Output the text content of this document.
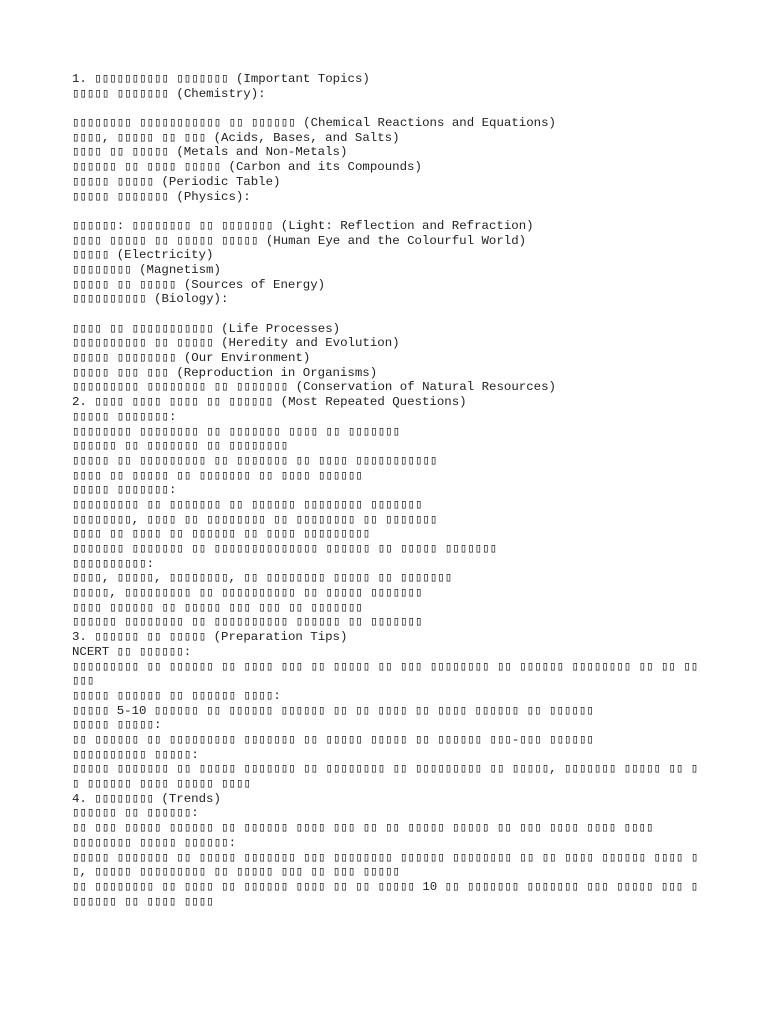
1. ▯▯▯▯▯▯▯▯▯▯ ▯▯▯▯▯▯▯ (Important Topics)
▯▯▯▯▯ ▯▯▯▯▯▯▯ (Chemistry):
▯▯▯▯▯▯▯▯ ▯▯▯▯▯▯▯▯▯▯▯ ▯▯ ▯▯▯▯▯▯ (Chemical Reactions and Equations)
▯▯▯▯, ▯▯▯▯▯ ▯▯ ▯▯▯ (Acids, Bases, and Salts)
▯▯▯▯ ▯▯ ▯▯▯▯▯ (Metals and Non-Metals)
▯▯▯▯▯▯ ▯▯ ▯▯▯▯ ▯▯▯▯▯ (Carbon and its Compounds)
▯▯▯▯▯ ▯▯▯▯▯ (Periodic Table)
▯▯▯▯▯ ▯▯▯▯▯▯▯ (Physics):
▯▯▯▯▯▯: ▯▯▯▯▯▯▯▯ ▯▯ ▯▯▯▯▯▯▯ (Light: Reflection and Refraction)
▯▯▯▯ ▯▯▯▯▯ ▯▯ ▯▯▯▯▯ ▯▯▯▯▯ (Human Eye and the Colourful World)
▯▯▯▯▯ (Electricity)
▯▯▯▯▯▯▯▯ (Magnetism)
▯▯▯▯▯ ▯▯ ▯▯▯▯▯ (Sources of Energy)
▯▯▯▯▯▯▯▯▯▯ (Biology):
▯▯▯▯ ▯▯ ▯▯▯▯▯▯▯▯▯▯▯ (Life Processes)
▯▯▯▯▯▯▯▯▯▯ ▯▯ ▯▯▯▯▯ (Heredity and Evolution)
▯▯▯▯▯ ▯▯▯▯▯▯▯▯ (Our Environment)
▯▯▯▯▯ ▯▯▯ ▯▯▯ (Reproduction in Organisms)
▯▯▯▯▯▯▯▯▯ ▯▯▯▯▯▯▯▯ ▯▯ ▯▯▯▯▯▯▯ (Conservation of Natural Resources)
2. ▯▯▯▯ ▯▯▯▯ ▯▯▯▯ ▯▯ ▯▯▯▯▯▯ (Most Repeated Questions)
▯▯▯▯▯ ▯▯▯▯▯▯▯:
▯▯▯▯▯▯▯▯ ▯▯▯▯▯▯▯▯ ▯▯ ▯▯▯▯▯▯▯ ▯▯▯▯ ▯▯ ▯▯▯▯▯▯▯
▯▯▯▯▯▯ ▯▯ ▯▯▯▯▯▯▯ ▯▯ ▯▯▯▯▯▯▯▯
▯▯▯▯▯ ▯▯ ▯▯▯▯▯▯▯▯▯ ▯▯ ▯▯▯▯▯▯▯ ▯▯ ▯▯▯▯ ▯▯▯▯▯▯▯▯▯▯▯
▯▯▯▯ ▯▯ ▯▯▯▯▯ ▯▯ ▯▯▯▯▯▯▯ ▯▯ ▯▯▯▯ ▯▯▯▯▯▯
▯▯▯▯▯ ▯▯▯▯▯▯▯:
▯▯▯▯▯▯▯▯▯ ▯▯ ▯▯▯▯▯▯▯ ▯▯ ▯▯▯▯▯▯ ▯▯▯▯▯▯▯▯ ▯▯▯▯▯▯▯
▯▯▯▯▯▯▯▯, ▯▯▯▯ ▯▯ ▯▯▯▯▯▯▯▯ ▯▯ ▯▯▯▯▯▯▯▯ ▯▯ ▯▯▯▯▯▯▯
▯▯▯▯ ▯▯ ▯▯▯▯ ▯▯ ▯▯▯▯▯▯ ▯▯ ▯▯▯▯ ▯▯▯▯▯▯▯▯▯
▯▯▯▯▯▯▯ ▯▯▯▯▯▯▯ ▯▯ ▯▯▯▯▯▯▯▯▯▯▯▯▯▯ ▯▯▯▯▯▯ ▯▯ ▯▯▯▯▯ ▯▯▯▯▯▯▯
▯▯▯▯▯▯▯▯▯▯:
▯▯▯▯, ▯▯▯▯▯, ▯▯▯▯▯▯▯▯, ▯▯ ▯▯▯▯▯▯▯▯ ▯▯▯▯▯ ▯▯ ▯▯▯▯▯▯▯
▯▯▯▯▯, ▯▯▯▯▯▯▯▯▯ ▯▯ ▯▯▯▯▯▯▯▯▯▯ ▯▯ ▯▯▯▯▯ ▯▯▯▯▯▯▯
▯▯▯▯ ▯▯▯▯▯▯ ▯▯ ▯▯▯▯▯ ▯▯▯ ▯▯▯ ▯▯ ▯▯▯▯▯▯▯
▯▯▯▯▯▯ ▯▯▯▯▯▯▯▯ ▯▯ ▯▯▯▯▯▯▯▯▯▯ ▯▯▯▯▯▯ ▯▯ ▯▯▯▯▯▯▯
3. ▯▯▯▯▯▯ ▯▯ ▯▯▯▯▯ (Preparation Tips)
NCERT ▯▯ ▯▯▯▯▯▯:
▯▯▯▯▯▯▯▯▯ ▯▯ ▯▯▯▯▯▯ ▯▯ ▯▯▯▯ ▯▯▯ ▯▯ ▯▯▯▯▯ ▯▯ ▯▯▯ ▯▯▯▯▯▯▯▯ ▯▯ ▯▯▯▯▯▯ ▯▯▯▯▯▯▯▯ ▯▯ ▯▯ ▯▯▯▯▯
▯▯▯▯▯ ▯▯▯▯▯▯ ▯▯ ▯▯▯▯▯▯ ▯▯▯▯:
▯▯▯▯▯ 5-10 ▯▯▯▯▯▯ ▯▯ ▯▯▯▯▯▯ ▯▯▯▯▯▯ ▯▯ ▯▯ ▯▯▯▯ ▯▯ ▯▯▯▯ ▯▯▯▯▯▯ ▯▯ ▯▯▯▯▯▯
▯▯▯▯▯ ▯▯▯▯▯:
▯▯ ▯▯▯▯▯▯ ▯▯ ▯▯▯▯▯▯▯▯▯ ▯▯▯▯▯▯▯ ▯▯ ▯▯▯▯▯ ▯▯▯▯▯ ▯▯ ▯▯▯▯▯▯ ▯▯▯-▯▯▯ ▯▯▯▯▯▯
▯▯▯▯▯▯▯▯▯▯ ▯▯▯▯▯:
▯▯▯▯▯ ▯▯▯▯▯▯▯ ▯▯ ▯▯▯▯▯ ▯▯▯▯▯▯▯ ▯▯ ▯▯▯▯▯▯▯▯ ▯▯ ▯▯▯▯▯▯▯▯▯ ▯▯ ▯▯▯▯▯, ▯▯▯▯▯▯▯ ▯▯▯▯▯ ▯▯ ▯▯ ▯▯▯▯▯▯ ▯▯▯▯ ▯▯▯▯▯ ▯▯▯▯
4. ▯▯▯▯▯▯▯▯ (Trends)
▯▯▯▯▯▯ ▯▯ ▯▯▯▯▯▯:
▯▯ ▯▯▯ ▯▯▯▯▯ ▯▯▯▯▯▯ ▯▯ ▯▯▯▯▯▯ ▯▯▯▯ ▯▯▯ ▯▯ ▯▯ ▯▯▯▯▯ ▯▯▯▯▯ ▯▯ ▯▯▯ ▯▯▯▯ ▯▯▯▯ ▯▯▯▯
▯▯▯▯▯▯▯▯ ▯▯▯▯▯ ▯▯▯▯▯▯:
▯▯▯▯▯ ▯▯▯▯▯▯▯ ▯▯ ▯▯▯▯▯ ▯▯▯▯▯▯▯ ▯▯▯ ▯▯▯▯▯▯▯▯ ▯▯▯▯▯▯ ▯▯▯▯▯▯▯▯ ▯▯ ▯▯ ▯▯▯▯ ▯▯▯▯▯▯ ▯▯▯▯ ▯▯, ▯▯▯▯▯ ▯▯▯▯▯▯▯▯▯ ▯▯ ▯▯▯▯▯ ▯▯▯ ▯▯ ▯▯▯ ▯▯▯▯▯
▯▯ ▯▯▯▯▯▯▯▯ ▯▯ ▯▯▯▯ ▯▯ ▯▯▯▯▯▯ ▯▯▯▯ ▯▯ ▯▯ ▯▯▯▯▯ 10 ▯▯ ▯▯▯▯▯▯▯ ▯▯▯▯▯▯▯ ▯▯▯ ▯▯▯▯▯ ▯▯▯ ▯▯▯▯▯▯▯ ▯▯ ▯▯▯▯ ▯▯▯▯
